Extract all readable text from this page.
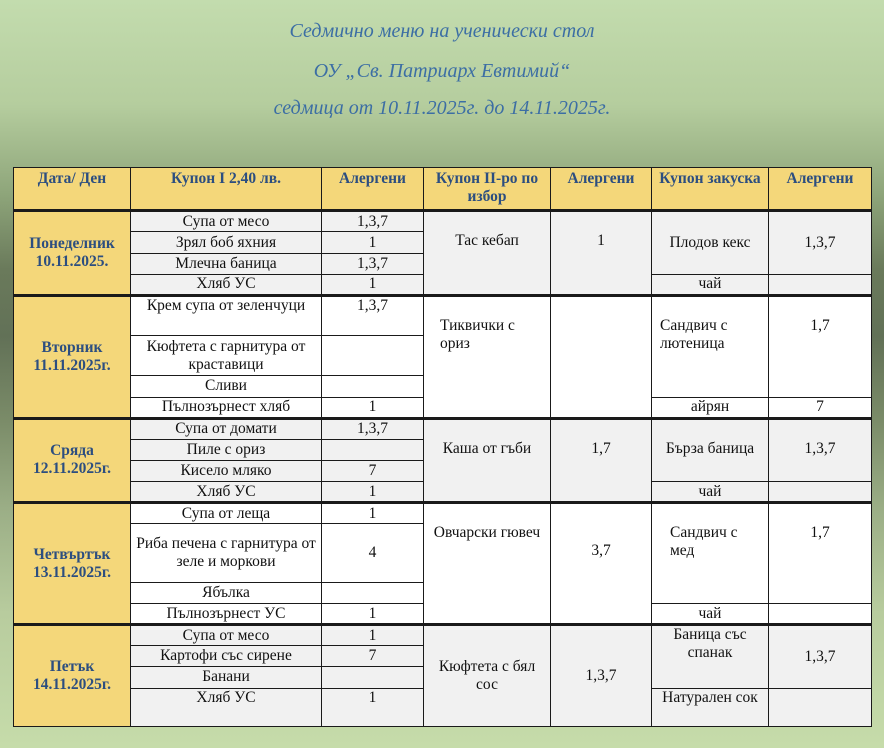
Седмично меню на ученически стол
ОУ „Св. Патриарх Евтимий“
седмица от 10.11.2025г. до 14.11.2025г.
Дата/ Ден	Купон I 2,40 лв.	Алергени	Купон II-ро по избор	Алергени	Купон закуска	Алергени
Понеделник 10.11.2025.	Супа от месо	1,3,7	Тас кебап	1	Плодов кекс	1,3,7
	Зрял боб яхния	1				
	Млечна баница	1,3,7				
	Хляб УС	1			чай	
Вторник 11.11.2025г.	Крем супа от зеленчуци	1,3,7	Тиквички с ориз		Сандвич с лютеница	1,7
	Кюфтета с гарнитура от краставици					
	Сливи					
	Пълнозърнест хляб	1			айрян	7
Сряда 12.11.2025г.	Супа от домати	1,3,7	Каша от гъби	1,7	Бърза баница	1,3,7
	Пиле с ориз					
	Кисело мляко	7				
	Хляб УС	1			чай	
Четвъртък 13.11.2025г.	Супа от леща	1	Овчарски гювеч	3,7	Сандвич с мед	1,7
	Риба печена с гарнитура от зеле и моркови	4				
	Ябълка					
	Пълнозърнест УС	1			чай	
Петък 14.11.2025г.	Супа от месо	1	Кюфтета с бял сос	1,3,7	Баница със спанак	1,3,7
	Картофи със сирене	7				
	Банани					
	Хляб УС	1			Натурален сок	
